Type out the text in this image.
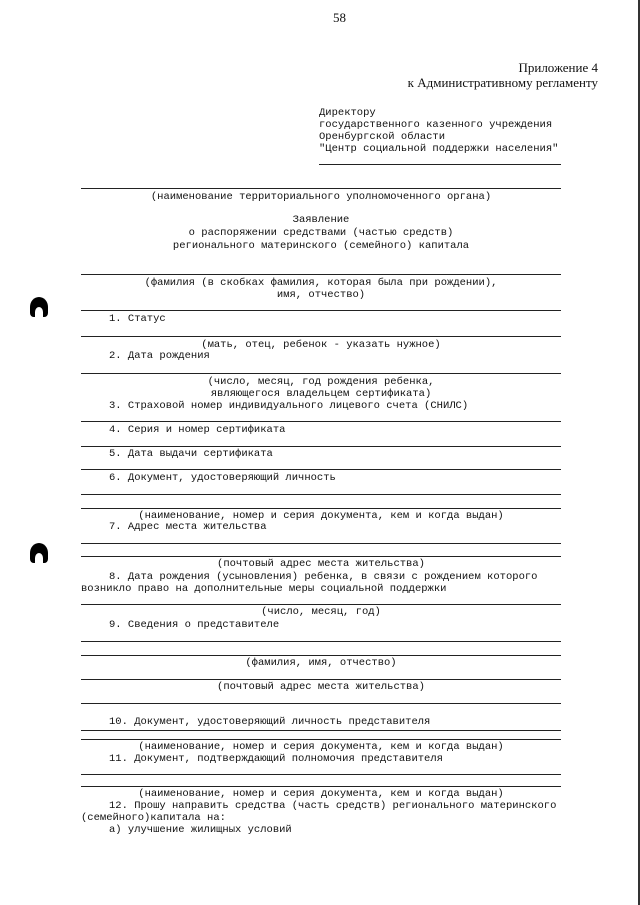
58
Приложение 4
к Административному регламенту
Директору
государственного казенного учреждения
Оренбургской области
"Центр социальной поддержки населения"
(наименование территориального уполномоченного органа)
Заявление
о распоряжении средствами (частью средств)
регионального материнского (семейного) капитала
(фамилия (в скобках фамилия, которая была при рождении),
имя, отчество)
1. Статус
(мать, отец, ребенок - указать нужное)
2. Дата рождения
(число, месяц, год рождения ребенка,
являющегося владельцем сертификата)
3. Страховой номер индивидуального лицевого счета (СНИЛС)
4. Серия и номер сертификата
5. Дата выдачи сертификата
6. Документ, удостоверяющий личность
(наименование, номер и серия документа, кем и когда выдан)
7. Адрес места жительства
(почтовый адрес места жительства)
8. Дата рождения (усыновления) ребенка, в связи с рождением которого
возникло право на дополнительные меры социальной поддержки
(число, месяц, год)
9. Сведения о представителе
(фамилия, имя, отчество)
(почтовый адрес места жительства)
10. Документ, удостоверяющий личность представителя
(наименование, номер и серия документа, кем и когда выдан)
11. Документ, подтверждающий полномочия представителя
(наименование, номер и серия документа, кем и когда выдан)
12. Прошу направить средства (часть средств) регионального материнского
(семейного)капитала на:
а) улучшение жилищных условий
